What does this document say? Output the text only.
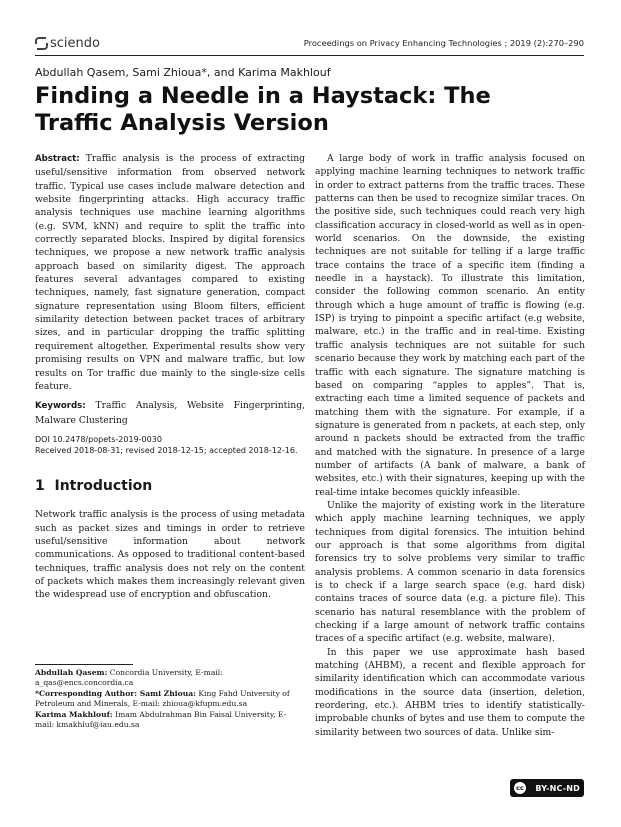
sciendo	Proceedings on Privacy Enhancing Technologies ; 2019 (2):270–290
Abdullah Qasem, Sami Zhioua*, and Karima Makhlouf
Finding a Needle in a Haystack: The Traffic Analysis Version

Abstract: Traffic analysis is the process of extracting useful/sensitive information from observed network traffic. Typical use cases include malware detection and website fingerprinting attacks. High accuracy traffic analysis techniques use machine learning algorithms (e.g. SVM, kNN) and require to split the traffic into correctly separated blocks. Inspired by digital forensics techniques, we propose a new network traffic analysis approach based on similarity digest. The approach features several advantages compared to existing techniques, namely, fast signature generation, compact signature representation using Bloom filters, efficient similarity detection between packet traces of arbitrary sizes, and in particular dropping the traffic splitting requirement altogether. Experimental results show very promising results on VPN and malware traffic, but low results on Tor traffic due mainly to the single-size cells feature.

Keywords: Traffic Analysis, Website Fingerprinting, Malware Clustering

DOI 10.2478/popets-2019-0030

Received 2018-08-31; revised 2018-12-15; accepted 2018-12-16.

1 Introduction

Network traffic analysis is the process of using metadata such as packet sizes and timings in order to retrieve useful/sensitive information about network communications. As opposed to traditional content-based techniques, traffic analysis does not rely on the content of packets which makes them increasingly relevant given the widespread use of encryption and obfuscation.

Abdullah Qasem: Concordia University, E-mail: a_qas@encs.concordia.ca

*Corresponding Author: Sami Zhioua: King Fahd University of Petroleum and Minerals, E-mail: zhioua@kfupm.edu.sa

Karima Makhlouf: Imam Abdulrahman Bin Faisal University, E-mail: kmakhluf@iau.edu.sa

A large body of work in traffic analysis focused on applying machine learning techniques to network traffic in order to extract patterns from the traffic traces. These patterns can then be used to recognize similar traces. On the positive side, such techniques could reach very high classification accuracy in closed-world as well as in open-world scenarios. On the downside, the existing techniques are not suitable for telling if a large traffic trace contains the trace of a specific item (finding a needle in a haystack). To illustrate this limitation, consider the following common scenario. An entity through which a huge amount of traffic is flowing (e.g. ISP) is trying to pinpoint a specific artifact (e.g website, malware, etc.) in the traffic and in real-time. Existing traffic analysis techniques are not suitable for such scenario because they work by matching each part of the traffic with each signature. The signature matching is based on comparing “apples to apples”. That is, extracting each time a limited sequence of packets and matching them with the signature. For example, if a signature is generated from n packets, at each step, only around n packets should be extracted from the traffic and matched with the signature. In presence of a large number of artifacts (A bank of malware, a bank of websites, etc.) with their signatures, keeping up with the real-time intake becomes quickly infeasible.

Unlike the majority of existing work in the literature which apply machine learning techniques, we apply techniques from digital forensics. The intuition behind our approach is that some algorithms from digital forensics try to solve problems very similar to traffic analysis problems. A common scenario in data forensics is to check if a large search space (e.g. hard disk) contains traces of source data (e.g. a picture file). This scenario has natural resemblance with the problem of checking if a large amount of network traffic contains traces of a specific artifact (e.g. website, malware).

In this paper we use approximate hash based matching (AHBM), a recent and flexible approach for similarity identification which can accommodate various modifications in the source data (insertion, deletion, reordering, etc.). AHBM tries to identify statistically-improbable chunks of bytes and use them to compute the similarity between two sources of data. Unlike sim-

cc	BY-NC-ND
